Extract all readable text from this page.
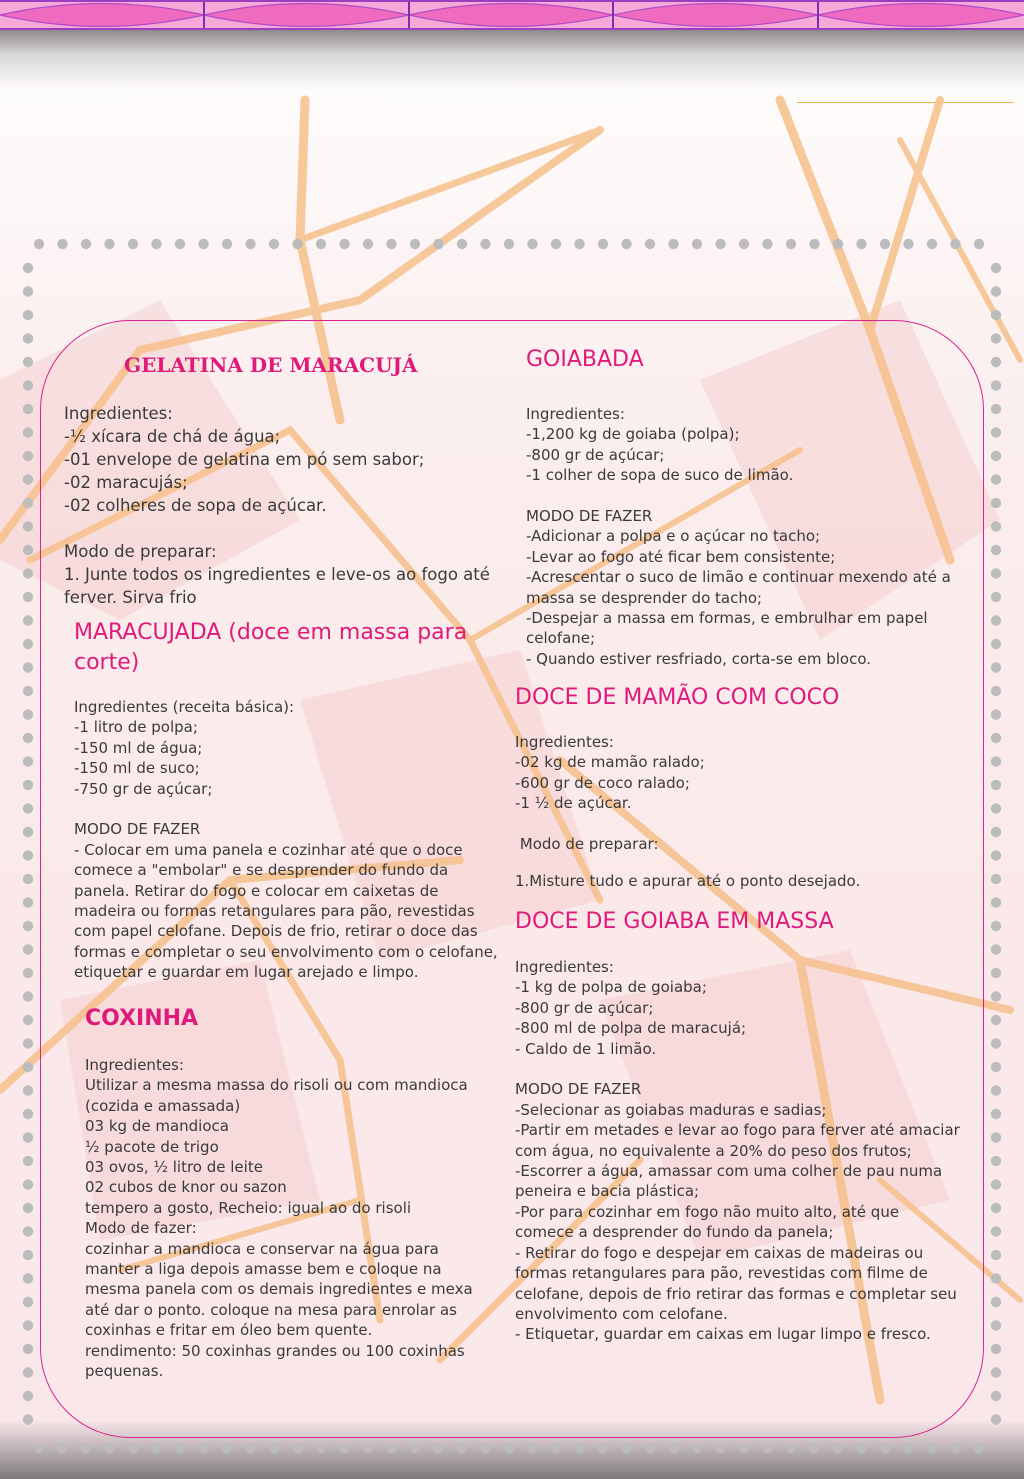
GELATINA DE MARACUJÁ
Ingredientes:
-½ xícara de chá de água;
-01 envelope de gelatina em pó sem sabor;
-02 maracujás;
-02 colheres de sopa de açúcar.

Modo de preparar:
1. Junte todos os ingredientes e leve-os ao fogo até ferver. Sirva frio
MARACUJADA (doce em massa para corte)
Ingredientes (receita básica):
-1 litro de polpa;
-150 ml de água;
-150 ml de suco;
-750 gr de açúcar;

MODO DE FAZER
- Colocar em uma panela e cozinhar até que o doce comece a "embolar" e se desprender do fundo da panela. Retirar do fogo e colocar em caixetas de madeira ou formas retangulares para pão, revestidas com papel celofane. Depois de frio, retirar o doce das formas e completar o seu envolvimento com o celofane, etiquetar e guardar em lugar arejado e limpo.
COXINHA
Ingredientes:
Utilizar a mesma massa do risoli ou com mandioca (cozida e amassada)
03 kg de mandioca
½ pacote de trigo
03 ovos, ½ litro de leite
02 cubos de knor ou sazon
tempero a gosto, Recheio: igual ao do risoli
Modo de fazer:
cozinhar a mandioca e conservar na água para manter a liga depois amasse bem e coloque na mesma panela com os demais ingredientes e mexa até dar o ponto. coloque na mesa para enrolar as coxinhas e fritar em óleo bem quente.
rendimento: 50 coxinhas grandes ou 100 coxinhas pequenas.
GOIABADA
Ingredientes:
-1,200 kg de goiaba (polpa);
-800 gr de açúcar;
-1 colher de sopa de suco de limão.

MODO DE FAZER
-Adicionar a polpa e o açúcar no tacho;
-Levar ao fogo até ficar bem consistente;
-Acrescentar o suco de limão e continuar mexendo até a massa se desprender do tacho;
-Despejar a massa em formas, e embrulhar em papel celofane;
- Quando estiver resfriado, corta-se em bloco.
DOCE DE MAMÃO COM COCO
Ingredientes:
-02 kg de mamão ralado;
-600 gr de coco ralado;
-1 ½ de açúcar.

Modo de preparar:

1.Misture tudo e apurar até o ponto desejado.
DOCE DE GOIABA EM MASSA
Ingredientes:
-1 kg de polpa de goiaba;
-800 gr de açúcar;
-800 ml de polpa de maracujá;
- Caldo de 1 limão.

MODO DE FAZER
-Selecionar as goiabas maduras e sadias;
-Partir em metades e levar ao fogo para ferver até amaciar com água, no equivalente a 20% do peso dos frutos;
-Escorrer a água, amassar com uma colher de pau numa peneira e bacia plástica;
-Por para cozinhar em fogo não muito alto, até que comece a desprender do fundo da panela;
- Retirar do fogo e despejar em caixas de madeiras ou formas retangulares para pão, revestidas com filme de celofane, depois de frio retirar das formas e completar seu envolvimento com celofane.
- Etiquetar, guardar em caixas em lugar limpo e fresco.
